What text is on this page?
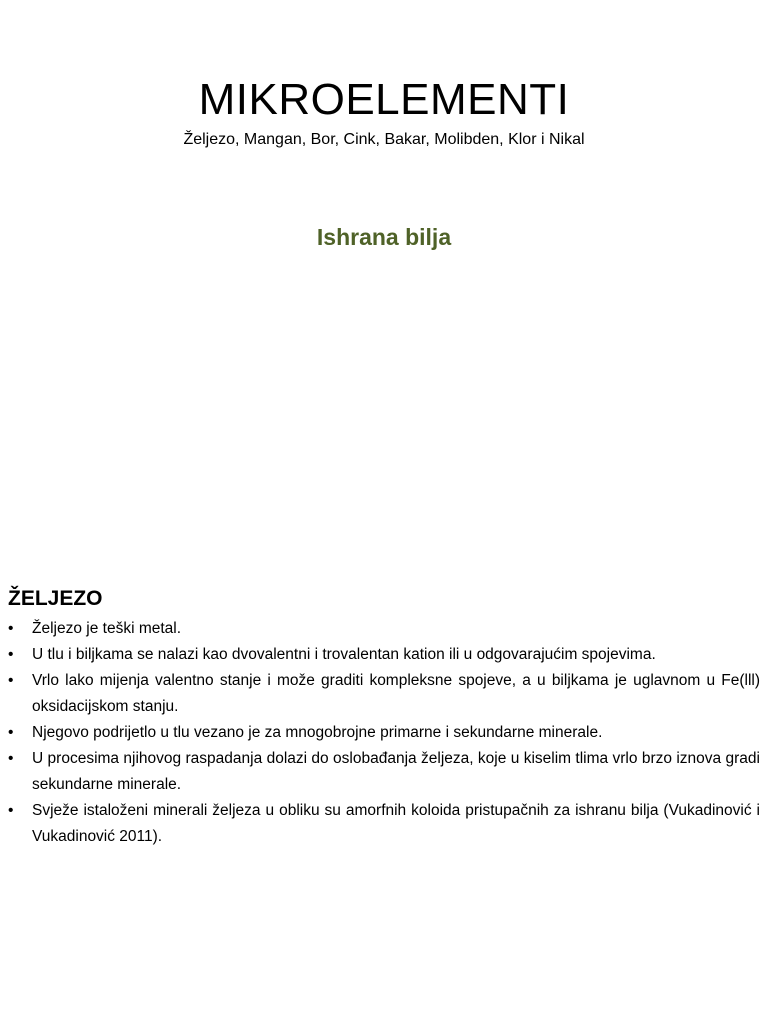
MIKROELEMENTI

Željezo, Mangan, Bor, Cink, Bakar, Molibden, Klor i Nikal

Ishrana bilja

ŽELJEZO
•	Željezo je teški metal.
•	U tlu i biljkama se nalazi kao dvovalentni i trovalentan kation ili u odgovarajućim spojevima.
•	Vrlo lako mijenja valentno stanje i može graditi kompleksne spojeve, a u biljkama je uglavnom u Fe(lll) oksidacijskom stanju.
•	Njegovo podrijetlo u tlu vezano je za mnogobrojne primarne i sekundarne minerale.
•	U procesima njihovog raspadanja dolazi do oslobađanja željeza, koje u kiselim tlima vrlo brzo iznova gradi sekundarne minerale.
•	Svježe istaloženi minerali željeza u obliku su amorfnih koloida pristupačnih za ishranu bilja (Vukadinović i Vukadinović 2011).
